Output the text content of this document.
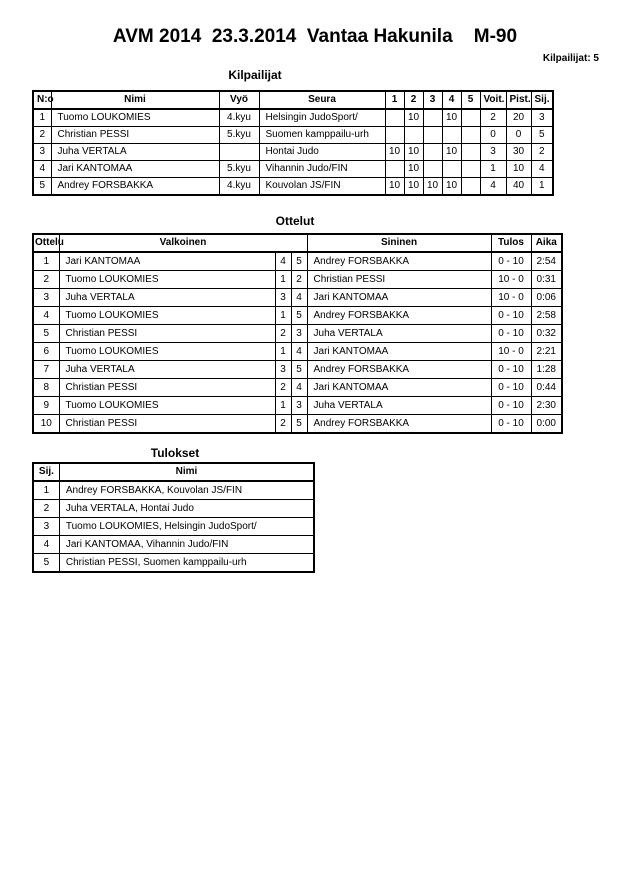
AVM 2014  23.3.2014  Vantaa Hakunila    M-90
Kilpailijat: 5
Kilpailijat
N:o	Nimi	Vyö	Seura	1	2	3	4	5	Voit.	Pist.	Sij.
1	Tuomo LOUKOMIES	4.kyu	Helsingin JudoSport/		10		10		2	20	3
2	Christian PESSI	5.kyu	Suomen kamppailu-urh						0	0	5
3	Juha VERTALA		Hontai Judo	10	10		10		3	30	2
4	Jari KANTOMAA	5.kyu	Vihannin Judo/FIN		10				1	10	4
5	Andrey FORSBAKKA	4.kyu	Kouvolan JS/FIN	10	10	10	10		4	40	1
Ottelut
Ottelu	Valkoinen			Sininen	Tulos	Aika
1	Jari KANTOMAA	4	5	Andrey FORSBAKKA	0 - 10	2:54
2	Tuomo LOUKOMIES	1	2	Christian PESSI	10 - 0	0:31
3	Juha VERTALA	3	4	Jari KANTOMAA	10 - 0	0:06
4	Tuomo LOUKOMIES	1	5	Andrey FORSBAKKA	0 - 10	2:58
5	Christian PESSI	2	3	Juha VERTALA	0 - 10	0:32
6	Tuomo LOUKOMIES	1	4	Jari KANTOMAA	10 - 0	2:21
7	Juha VERTALA	3	5	Andrey FORSBAKKA	0 - 10	1:28
8	Christian PESSI	2	4	Jari KANTOMAA	0 - 10	0:44
9	Tuomo LOUKOMIES	1	3	Juha VERTALA	0 - 10	2:30
10	Christian PESSI	2	5	Andrey FORSBAKKA	0 - 10	0:00
Tulokset
Sij.	Nimi
1	Andrey FORSBAKKA, Kouvolan JS/FIN
2	Juha VERTALA, Hontai Judo
3	Tuomo LOUKOMIES, Helsingin JudoSport/
4	Jari KANTOMAA, Vihannin Judo/FIN
5	Christian PESSI, Suomen kamppailu-urh
